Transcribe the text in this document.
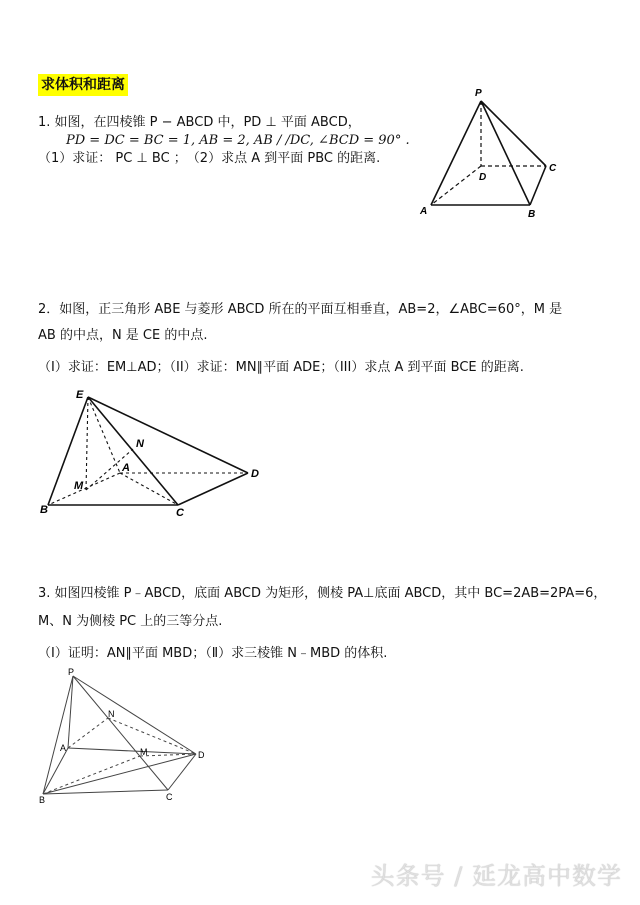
求体积和距离
1. 如图，在四棱锥 P − ABCD 中，PD ⊥ 平面 ABCD，
PD = DC = BC = 1, AB = 2, AB / /DC, ∠BCD = 90° .
（1）求证： PC ⊥ BC ；　（2）求点 A 到平面 PBC 的距离.
P
D
C
A	B
2．如图，正三角形 ABE 与菱形 ABCD 所在的平面互相垂直，AB=2，∠ABC=60°，M 是
AB 的中点，N 是 CE 的中点.
（I）求证：EM⊥AD；（II）求证：MN∥平面 ADE；（III）求点 A 到平面 BCE 的距离.
E
N
A
M
D
B	C
3. 如图四棱锥 P﹣ABCD，底面 ABCD 为矩形，侧棱 PA⊥底面 ABCD，其中 BC=2AB=2PA=6，
M、N 为侧棱 PC 上的三等分点.
（Ⅰ）证明：AN∥平面 MBD；（Ⅱ）求三棱锥 N﹣MBD 的体积.
P
N
A	M	D
B	C
头条号 / 延龙高中数学
